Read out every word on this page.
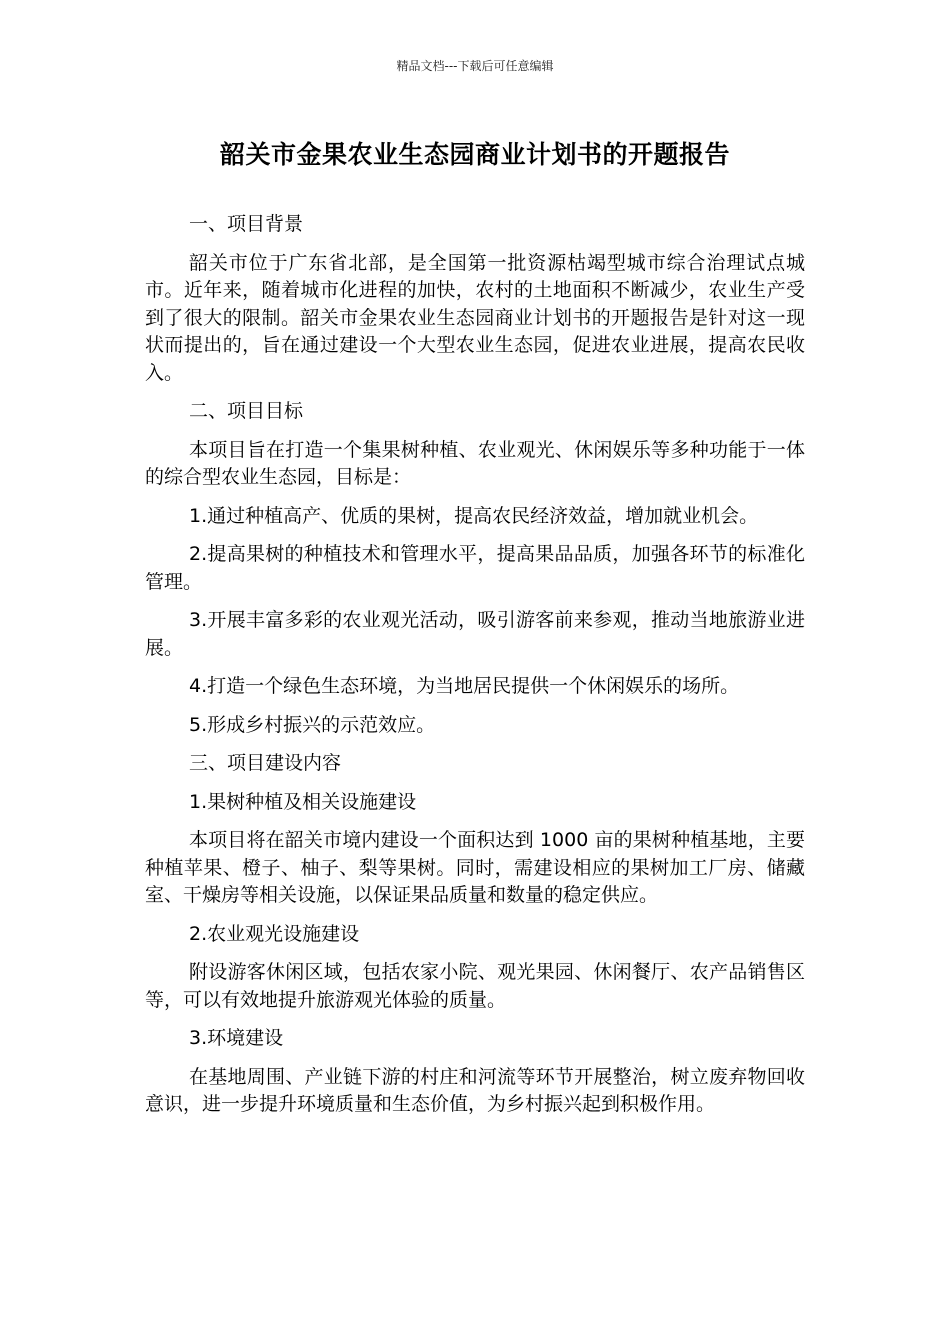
精品文档---下载后可任意编辑
韶关市金果农业生态园商业计划书的开题报告

一、项目背景

韶关市位于广东省北部，是全国第一批资源枯竭型城市综合治理试点城市。近年来，随着城市化进程的加快，农村的土地面积不断减少，农业生产受到了很大的限制。韶关市金果农业生态园商业计划书的开题报告是针对这一现状而提出的，旨在通过建设一个大型农业生态园，促进农业进展，提高农民收入。

二、项目目标

本项目旨在打造一个集果树种植、农业观光、休闲娱乐等多种功能于一体的综合型农业生态园，目标是：

1.通过种植高产、优质的果树，提高农民经济效益，增加就业机会。

2.提高果树的种植技术和管理水平，提高果品品质，加强各环节的标准化管理。

3.开展丰富多彩的农业观光活动，吸引游客前来参观，推动当地旅游业进展。

4.打造一个绿色生态环境，为当地居民提供一个休闲娱乐的场所。

5.形成乡村振兴的示范效应。

三、项目建设内容

1.果树种植及相关设施建设

本项目将在韶关市境内建设一个面积达到 1000 亩的果树种植基地，主要种植苹果、橙子、柚子、梨等果树。同时，需建设相应的果树加工厂房、储藏室、干燥房等相关设施，以保证果品质量和数量的稳定供应。

2.农业观光设施建设

附设游客休闲区域，包括农家小院、观光果园、休闲餐厅、农产品销售区等，可以有效地提升旅游观光体验的质量。

3.环境建设

在基地周围、产业链下游的村庄和河流等环节开展整治，树立废弃物回收意识，进一步提升环境质量和生态价值，为乡村振兴起到积极作用。
